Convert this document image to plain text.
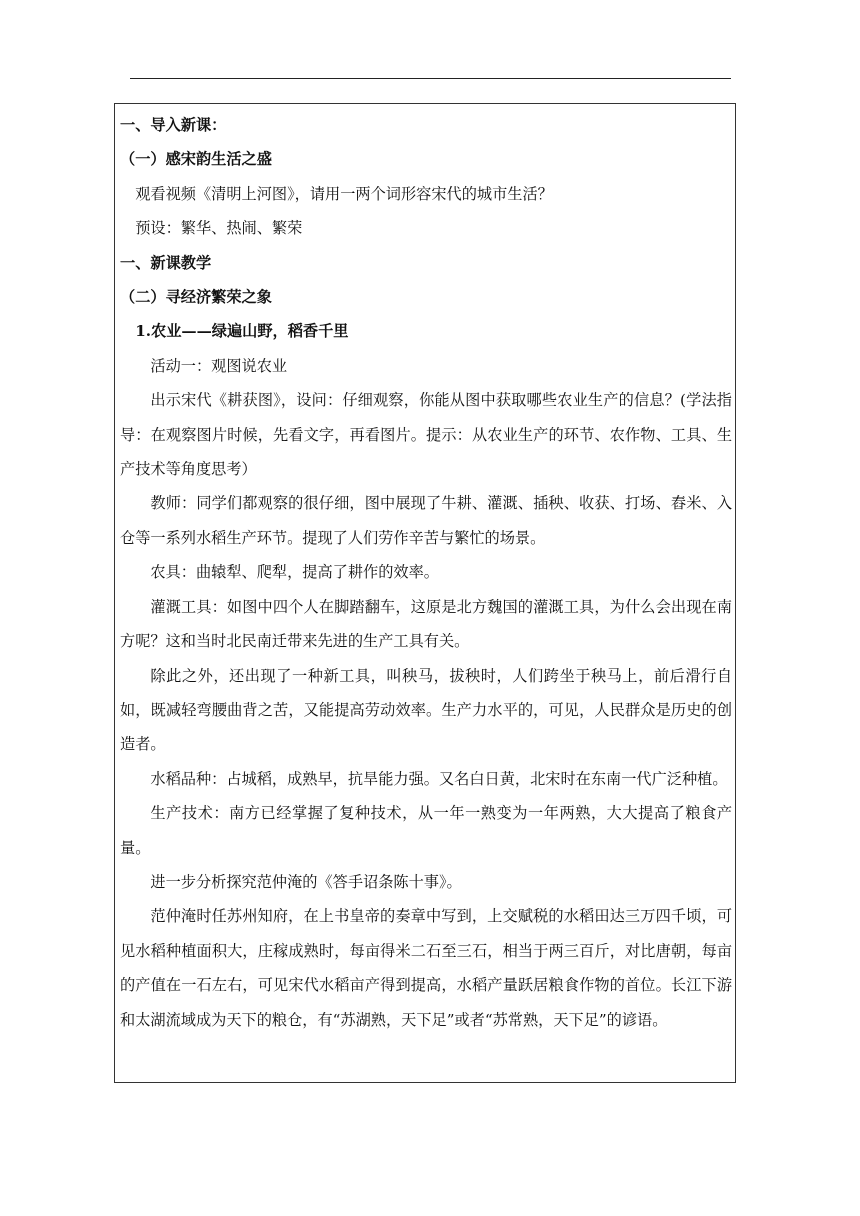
一、导入新课：

（一）感宋韵生活之盛

观看视频《清明上河图》，请用一两个词形容宋代的城市生活？

预设：繁华、热闹、繁荣

一、新课教学

（二）寻经济繁荣之象

1.农业——绿遍山野，稻香千里

活动一：观图说农业

出示宋代《耕获图》，设问：仔细观察，你能从图中获取哪些农业生产的信息？(学法指导：在观察图片时候，先看文字，再看图片。提示：从农业生产的环节、农作物、工具、生产技术等角度思考）

教师：同学们都观察的很仔细，图中展现了牛耕、灌溉、插秧、收获、打场、舂米、入仓等一系列水稻生产环节。提现了人们劳作辛苦与繁忙的场景。

农具：曲辕犁、爬犁，提高了耕作的效率。

灌溉工具：如图中四个人在脚踏翻车，这原是北方魏国的灌溉工具，为什么会出现在南方呢？这和当时北民南迁带来先进的生产工具有关。

除此之外，还出现了一种新工具，叫秧马，拔秧时，人们跨坐于秧马上，前后滑行自如，既减轻弯腰曲背之苦，又能提高劳动效率。生产力水平的，可见，人民群众是历史的创造者。

水稻品种：占城稻，成熟早，抗旱能力强。又名白日黄，北宋时在东南一代广泛种植。

生产技术：南方已经掌握了复种技术，从一年一熟变为一年两熟，大大提高了粮食产量。

进一步分析探究范仲淹的《答手诏条陈十事》。

范仲淹时任苏州知府，在上书皇帝的奏章中写到，上交赋税的水稻田达三万四千顷，可见水稻种植面积大，庄稼成熟时，每亩得米二石至三石，相当于两三百斤，对比唐朝，每亩的产值在一石左右，可见宋代水稻亩产得到提高，水稻产量跃居粮食作物的首位。长江下游和太湖流域成为天下的粮仓，有“苏湖熟，天下足”或者“苏常熟，天下足”的谚语。
